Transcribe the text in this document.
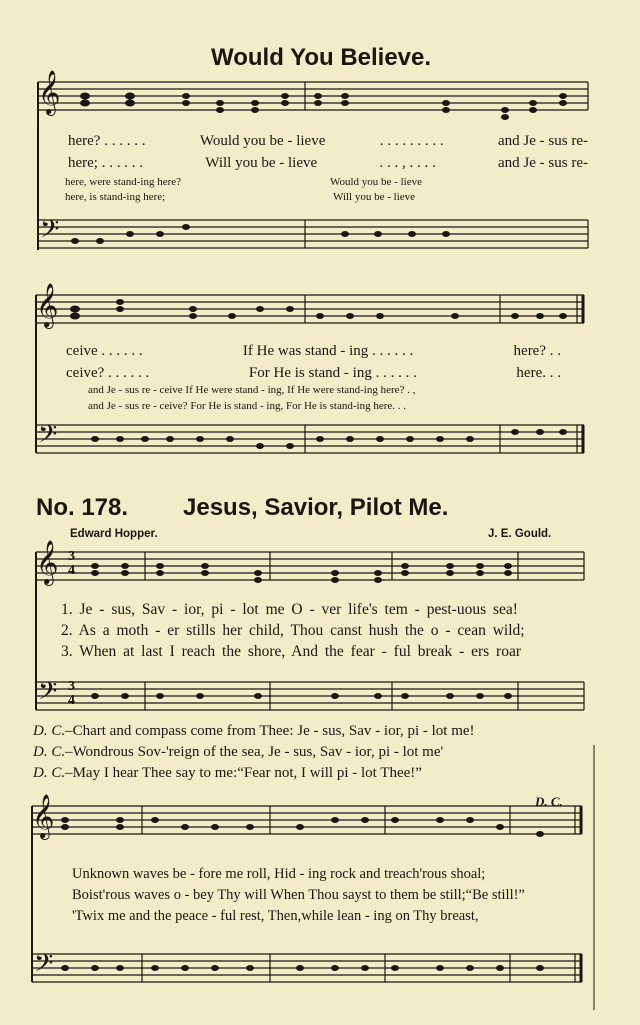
Would You Believe.
𝄞
𝄢
𝄞
𝄢
here? . . . . . .	Would you be - lieve	. . . . . . . . .	and Je - sus re-
here; . . . . . .	Will you be - lieve	. . . , . . . .	and Je - sus re-
here, were stand-ing here?	Would you be - lieve
here, is stand-ing here;	Will you be - lieve
ceive . . . . . .	If He was stand - ing . . . . . .	here? . .
ceive? . . . . . .	For He is stand - ing . . . . . .	here. . .
and Je - sus re - ceive If He were stand - ing, If He were stand-ing here? . ,
and Je - sus re - ceive? For He is stand - ing, For He is stand-ing here. . .
No. 178. Jesus, Savior, Pilot Me.
Edward Hopper.	J. E. Gould.
𝄞
𝄢
𝄞
𝄢
3
4
3
4
1. Je - sus, Sav - ior, pi - lot me O - ver life's tem - pest-uous sea!
2. As a moth - er stills her child, Thou canst hush the o - cean wild;
3. When at last I reach the shore, And the fear - ful break - ers roar
D. C.–Chart and compass come from Thee: Je - sus, Sav - ior, pi - lot me!
D. C.–Wondrous Sov-'reign of the sea, Je - sus, Sav - ior, pi - lot me'
D. C.–May I hear Thee say to me:“Fear not, I will pi - lot Thee!”
D. C.
Unknown waves be - fore me roll, Hid - ing rock and treach'rous shoal;
Boist'rous waves o - bey Thy will When Thou sayst to them be still;“Be still!”
'Twix me and the peace - ful rest, Then,while lean - ing on Thy breast,
